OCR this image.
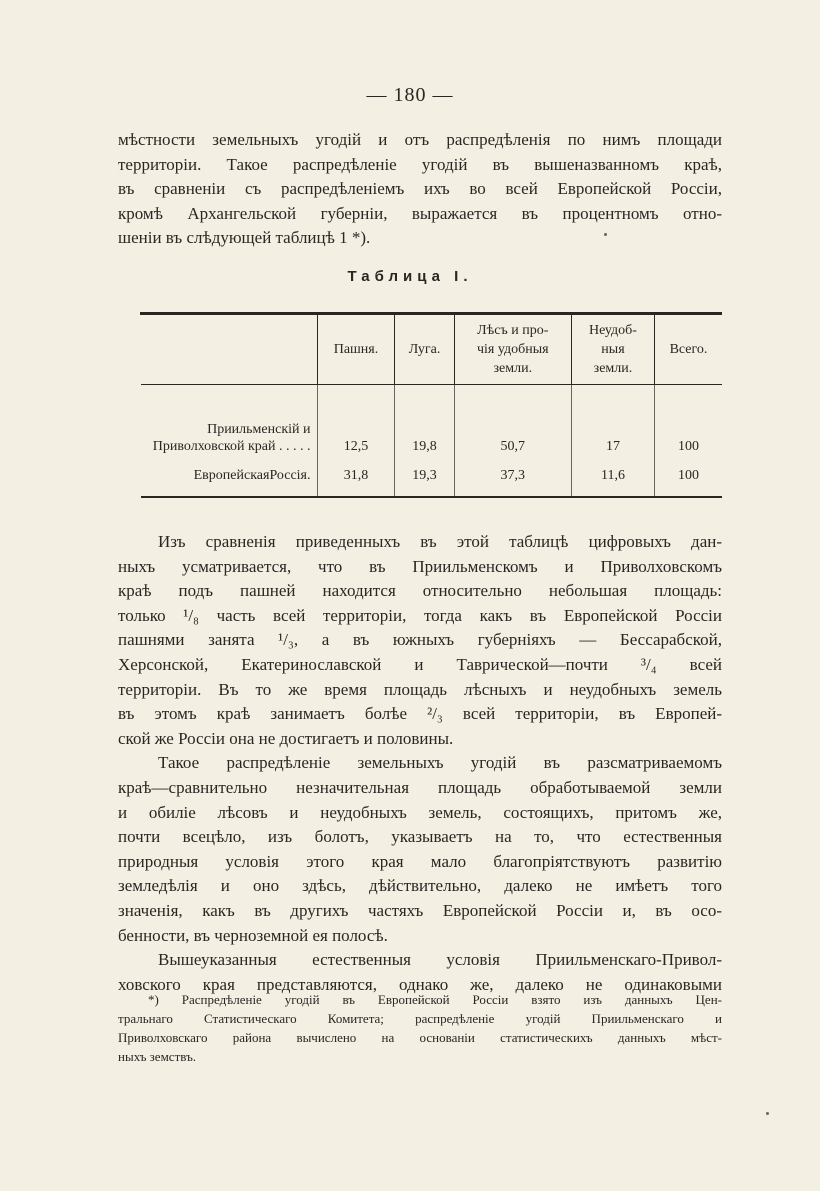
— 180 —
мѣстности земельныхъ угодій и отъ распредѣленія по нимъ площади
территоріи. Такое распредѣленіе угодій въ вышеназванномъ краѣ,
въ сравненіи съ распредѣленіемъ ихъ во всей Европейской Россіи,
кромѣ Архангельской губерніи, выражается въ процентномъ отно-
шеніи въ слѣдующей таблицѣ 1 *).
Таблица I.

	Пашня.	Луга.	Лѣсъ и про-
чія удобныя
земли.	Неудоб-
ныя
земли.	Всего.

Приильменскій и Приволховской край . . . . .	12,5	19,8	50,7	17	100
ЕвропейскаяРоссія.	31,8	19,3	37,3	11,6	100

Изъ сравненія приведенныхъ въ этой таблицѣ цифровыхъ дан-
ныхъ усматривается, что въ Приильменскомъ и Приволховскомъ
краѣ подъ пашней находится относительно небольшая площадь:
только ¹/₈ часть всей территоріи, тогда какъ въ Европейской Россіи
пашнями занята ¹/₃, а въ южныхъ губерніяхъ — Бессарабской,
Херсонской, Екатеринославской и Таврической—почти ³/₄ всей
территоріи. Въ то же время площадь лѣсныхъ и неудобныхъ земель
въ этомъ краѣ занимаетъ болѣе ²/₃ всей территоріи, въ Европей-
ской же Россіи она не достигаетъ и половины.
Такое распредѣленіе земельныхъ угодій въ разсматриваемомъ
краѣ—сравнительно незначительная площадь обработываемой земли
и обиліе лѣсовъ и неудобныхъ земель, состоящихъ, притомъ же,
почти всецѣло, изъ болотъ, указываетъ на то, что естественныя
природныя условія этого края мало благопріятствуютъ развитію
земледѣлія и оно здѣсь, дѣйствительно, далеко не имѣетъ того
значенія, какъ въ другихъ частяхъ Европейской Россіи и, въ осо-
бенности, въ черноземной ея полосѣ.
Вышеуказанныя естественныя условія Приильменскаго-Привол-
ховского края представляются, однако же, далеко не одинаковыми
*) Распредѣленіе угодій въ Европейской Россіи взято изъ данныхъ Цен-
тральнаго Статистическаго Комитета; распредѣленіе угодій Приильменскаго и
Приволховскаго района вычислено на основаніи статистическихъ данныхъ мѣст-
ныхъ земствъ.
